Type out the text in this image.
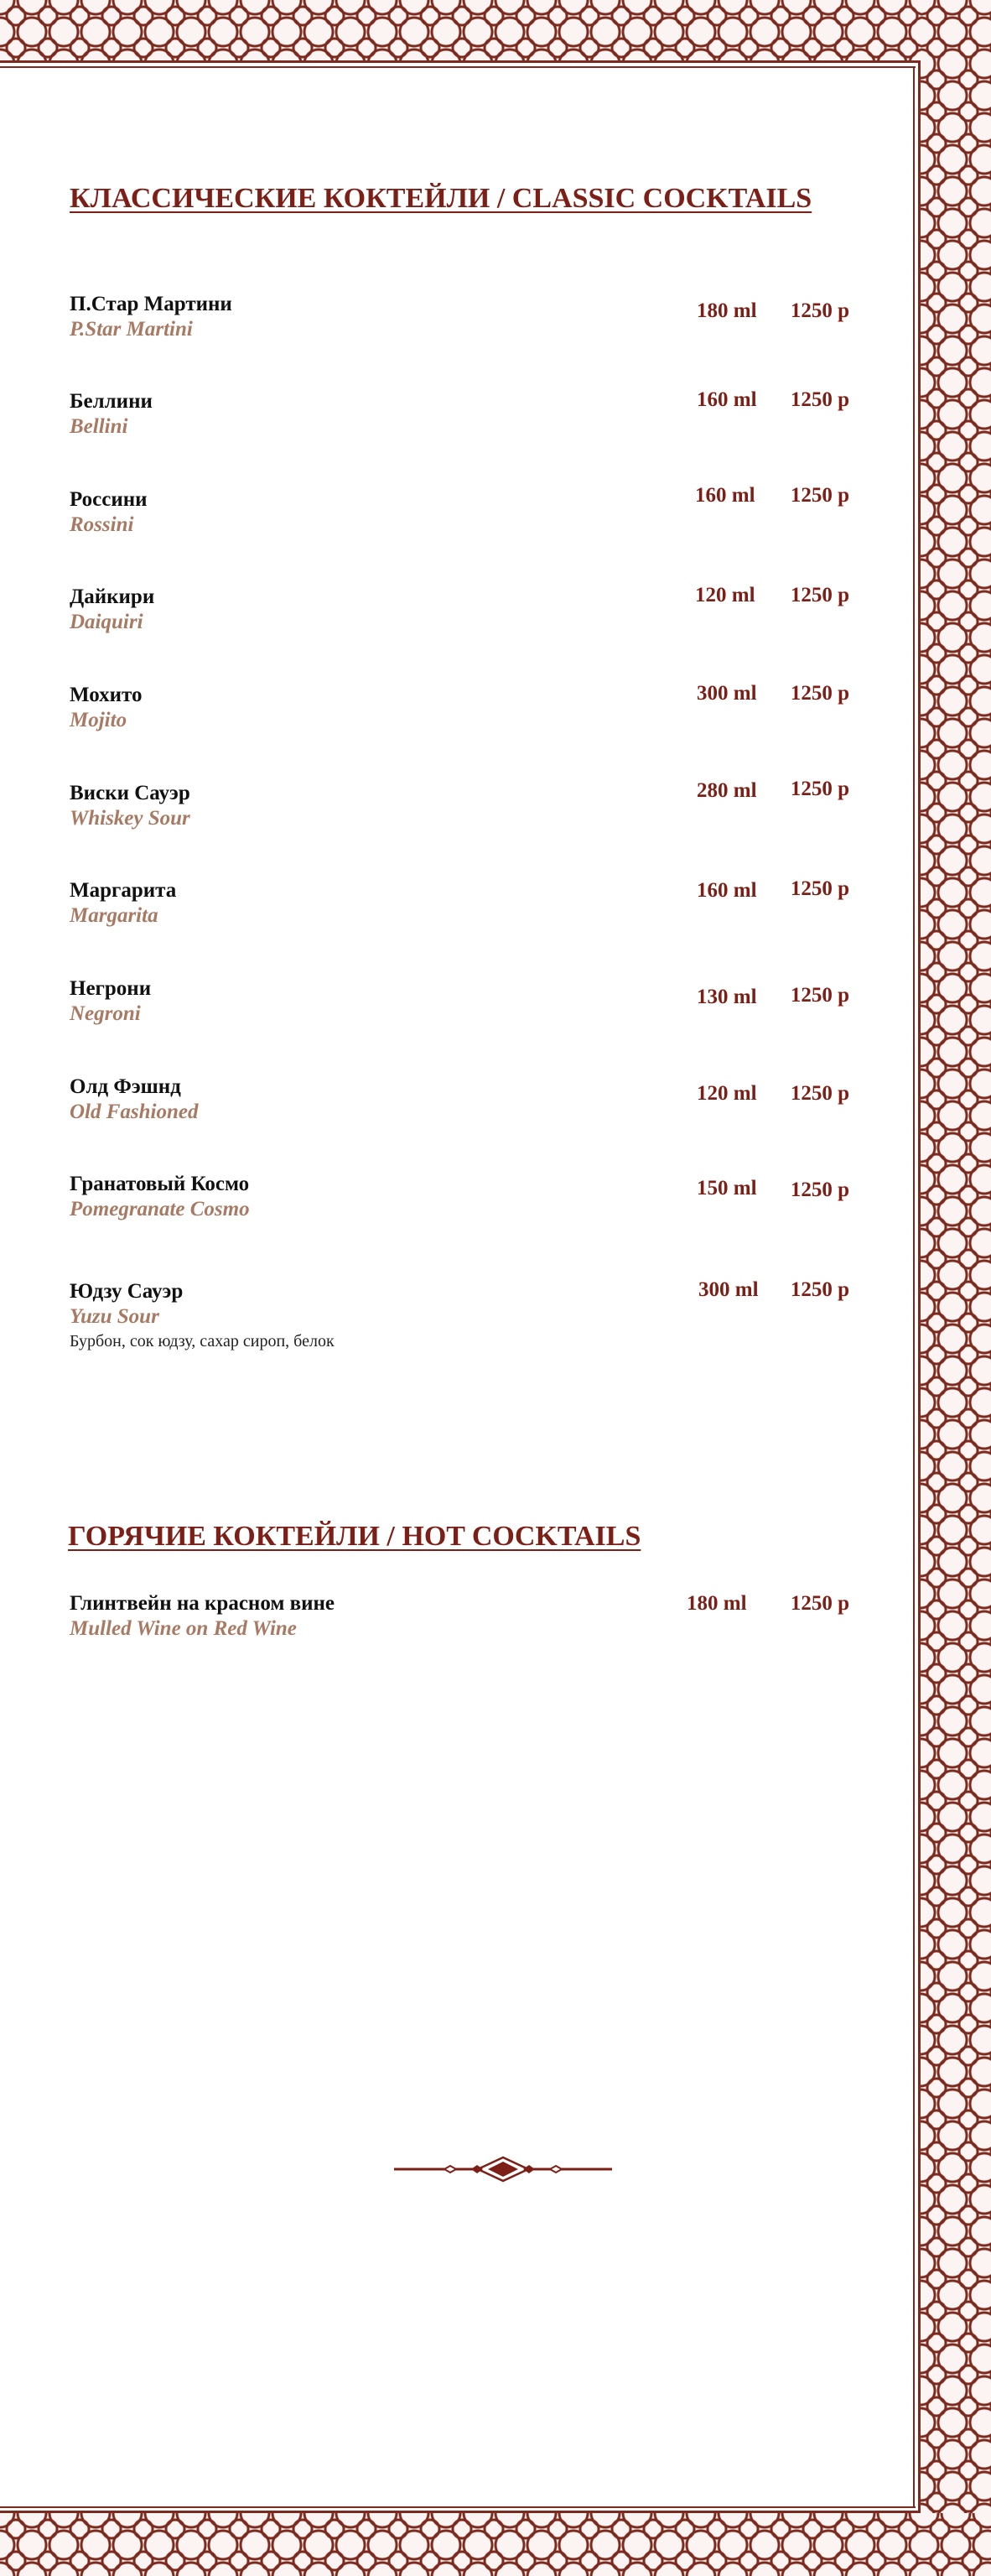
КЛАССИЧЕСКИЕ КОКТЕЙЛИ / CLASSIC COCKTAILS
П.Стар Мартини
P.Star Martini
180 ml 1250 р
Беллини
Bellini
160 ml 1250 р
Россини
Rossini
160 ml 1250 р
Дайкири
Daiquiri
120 ml 1250 р
Мохито
Mojito
300 ml 1250 р
Виски Сауэр
Whiskey Sour
280 ml 1250 р
Маргарита
Margarita
160 ml 1250 р
Негрони
Negroni
130 ml 1250 р
Олд Фэшнд
Old Fashioned
120 ml 1250 р
Гранатовый Космо
Pomegranate Cosmo
150 ml 1250 р
Юдзу Сауэр
Yuzu Sour
Бурбон, сок юдзу, сахар сироп, белок
300 ml 1250 р
ГОРЯЧИЕ КОКТЕЙЛИ / HOT COCKTAILS
Глинтвейн на красном вине
Mulled Wine on Red Wine
180 ml 1250 р
